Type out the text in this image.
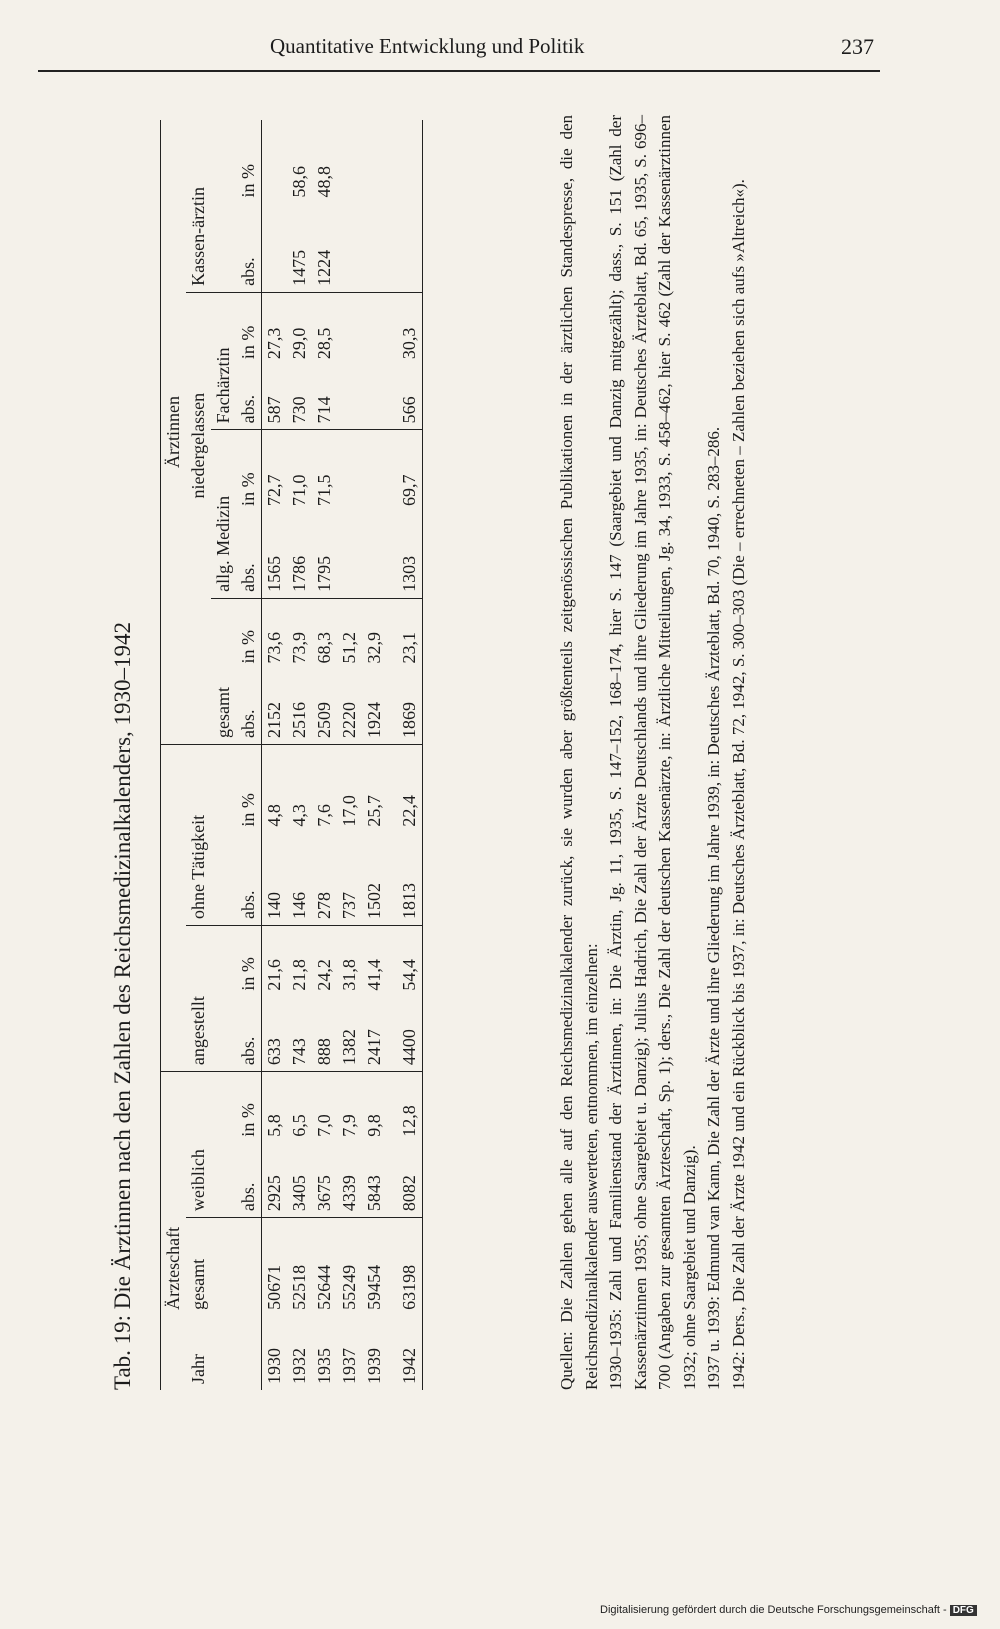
Quantitative Entwicklung und Politik	237
Tab. 19: Die Ärztinnen nach den Zahlen des Reichsmedizinalkalenders, 1930–1942
	Ärzteschaft							Ärztinnen							
Jahr	gesamt	weiblich		angestellt		ohne Tätigkeit				niedergelassen				Kassen-ärztin	
								gesamt		allg. Medizin		Fachärztin			
		abs.	in %	abs.	in %	abs.	in %	abs.	in %	abs.	in %	abs.	in %	abs.	in %
1930	50671	2925	5,8	633	21,6	140	4,8	2152	73,6	1565	72,7	587	27,3		
1932	52518	3405	6,5	743	21,8	146	4,3	2516	73,9	1786	71,0	730	29,0	1475	58,6
1935	52644	3675	7,0	888	24,2	278	7,6	2509	68,3	1795	71,5	714	28,5	1224	48,8
1937	55249	4339	7,9	1382	31,8	737	17,0	2220	51,2						
1939	59454	5843	9,8	2417	41,4	1502	25,7	1924	32,9						
1942	63198	8082	12,8	4400	54,4	1813	22,4	1869	23,1	1303	69,7	566	30,3			Quellen: Die Zahlen gehen alle auf den Reichsmedizinalkalender zurück, sie wurden aber größtenteils zeitgenössischen Publikationen in der ärztlichen Standespresse, die den Reichsmedizinalkalender auswerteten, entnommen, im einzelnen: 1930–1935: Zahl und Familienstand der Ärztinnen, in: Die Ärztin, Jg. 11, 1935, S. 147–152, 168–174, hier S. 147 (Saargebiet und Danzig mitgezählt); dass., S. 151 (Zahl der Kassenärztinnen 1935; ohne Saargebiet u. Danzig); Julius Hadrich, Die Zahl der Ärzte Deutschlands und ihre Gliederung im Jahre 1935, in: Deutsches Ärzteblatt, Bd. 65, 1935, S. 696–700 (Angaben zur gesamten Ärzteschaft, Sp. 1); ders., Die Zahl der deutschen Kassenärzte, in: Ärztliche Mitteilungen, Jg. 34, 1933, S. 458–462, hier S. 462 (Zahl der Kassenärztinnen 1932; ohne Saargebiet und Danzig). 1937 u. 1939: Edmund van Kann, Die Zahl der Ärzte und ihre Gliederung im Jahre 1939, in: Deutsches Ärzteblatt, Bd. 70, 1940, S. 283–286. 1942: Ders., Die Zahl der Ärzte 1942 und ein Rückblick bis 1937, in: Deutsches Ärzteblatt, Bd. 72, 1942, S. 300–303 (Die – errechneten – Zahlen beziehen sich aufs »Altreich«).

Digitalisierung gefördert durch die Deutsche Forschungsgemeinschaft - DFG
